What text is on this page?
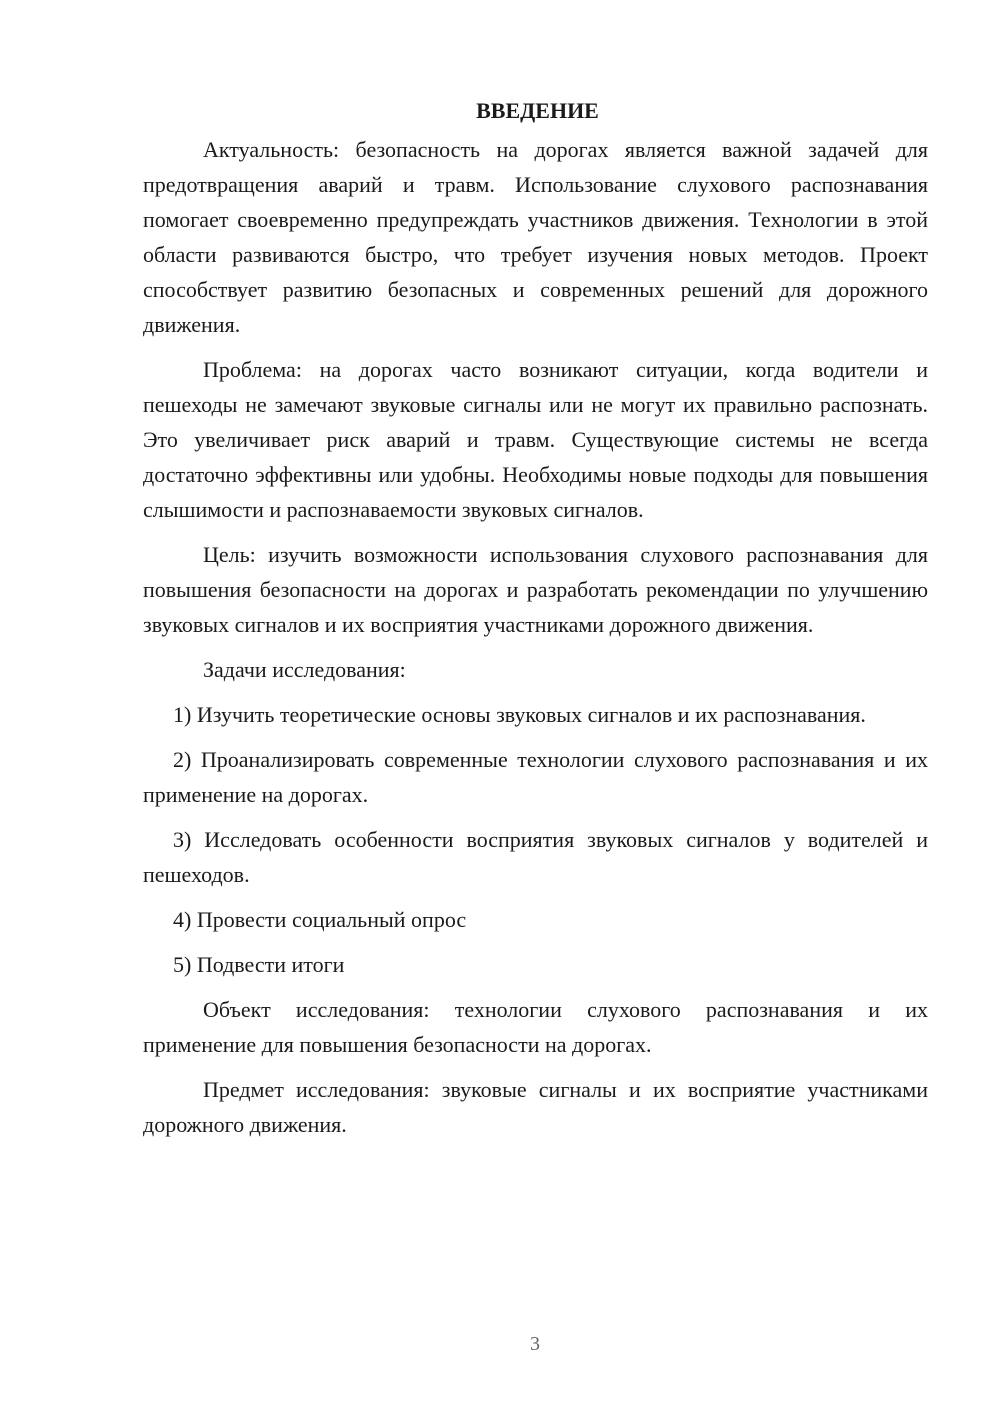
ВВЕДЕНИЕ

Актуальность: безопасность на дорогах является важной задачей для предотвращения аварий и травм. Использование слухового распознавания помогает своевременно предупреждать участников движения. Технологии в этой области развиваются быстро, что требует изучения новых методов. Проект способствует развитию безопасных и современных решений для дорожного движения.

Проблема: на дорогах часто возникают ситуации, когда водители и пешеходы не замечают звуковые сигналы или не могут их правильно распознать. Это увеличивает риск аварий и травм. Существующие системы не всегда достаточно эффективны или удобны. Необходимы новые подходы для повышения слышимости и распознаваемости звуковых сигналов.

Цель: изучить возможности использования слухового распознавания для повышения безопасности на дорогах и разработать рекомендации по улучшению звуковых сигналов и их восприятия участниками дорожного движения.

Задачи исследования:

1) Изучить теоретические основы звуковых сигналов и их распознавания.

2) Проанализировать современные технологии слухового распознавания и их применение на дорогах.

3) Исследовать особенности восприятия звуковых сигналов у водителей и пешеходов.

4) Провести социальный опрос

5) Подвести итоги

Объект исследования: технологии слухового распознавания и их применение для повышения безопасности на дорогах.

Предмет исследования: звуковые сигналы и их восприятие участниками дорожного движения.

3
